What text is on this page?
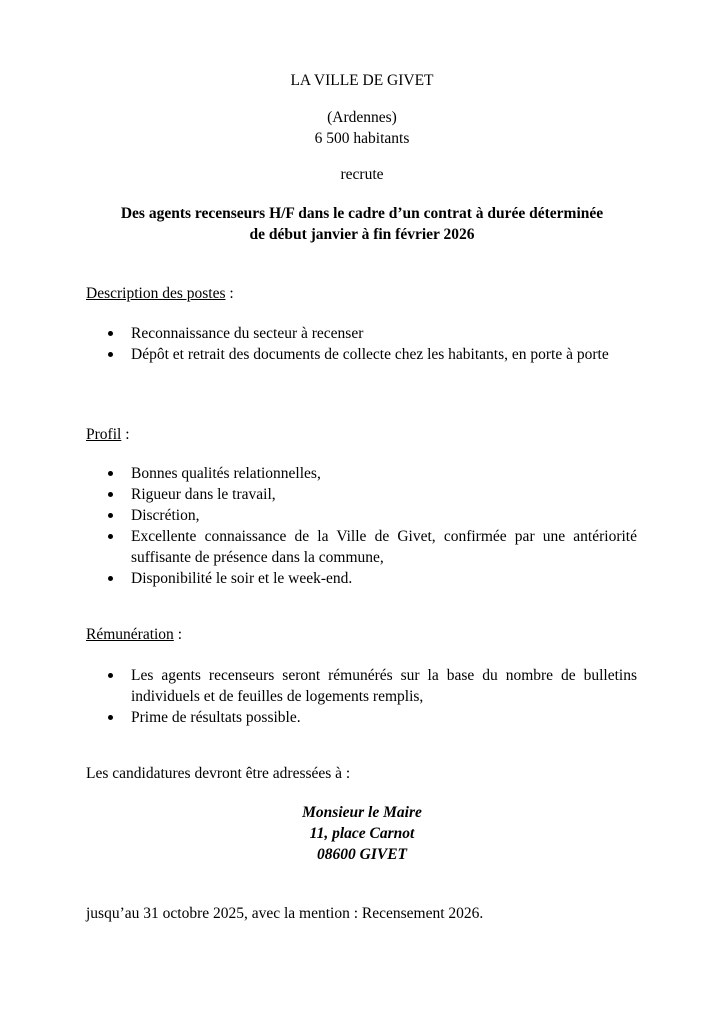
LA VILLE DE GIVET
(Ardennes)
6 500 habitants
recrute
Des agents recenseurs H/F dans le cadre d’un contrat à durée déterminée
de début janvier à fin février 2026
Description des postes :
Reconnaissance du secteur à recenser
Dépôt et retrait des documents de collecte chez les habitants, en porte à porte
Profil :
Bonnes qualités relationnelles,
Rigueur dans le travail,
Discrétion,
Excellente connaissance de la Ville de Givet, confirmée par une antériorité suffisante de présence dans la commune,
Disponibilité le soir et le week-end.
Rémunération :
Les agents recenseurs seront rémunérés sur la base du nombre de bulletins individuels et de feuilles de logements remplis,
Prime de résultats possible.
Les candidatures devront être adressées à :
Monsieur le Maire
11, place Carnot
08600 GIVET
jusqu’au 31 octobre 2025, avec la mention : Recensement 2026.
